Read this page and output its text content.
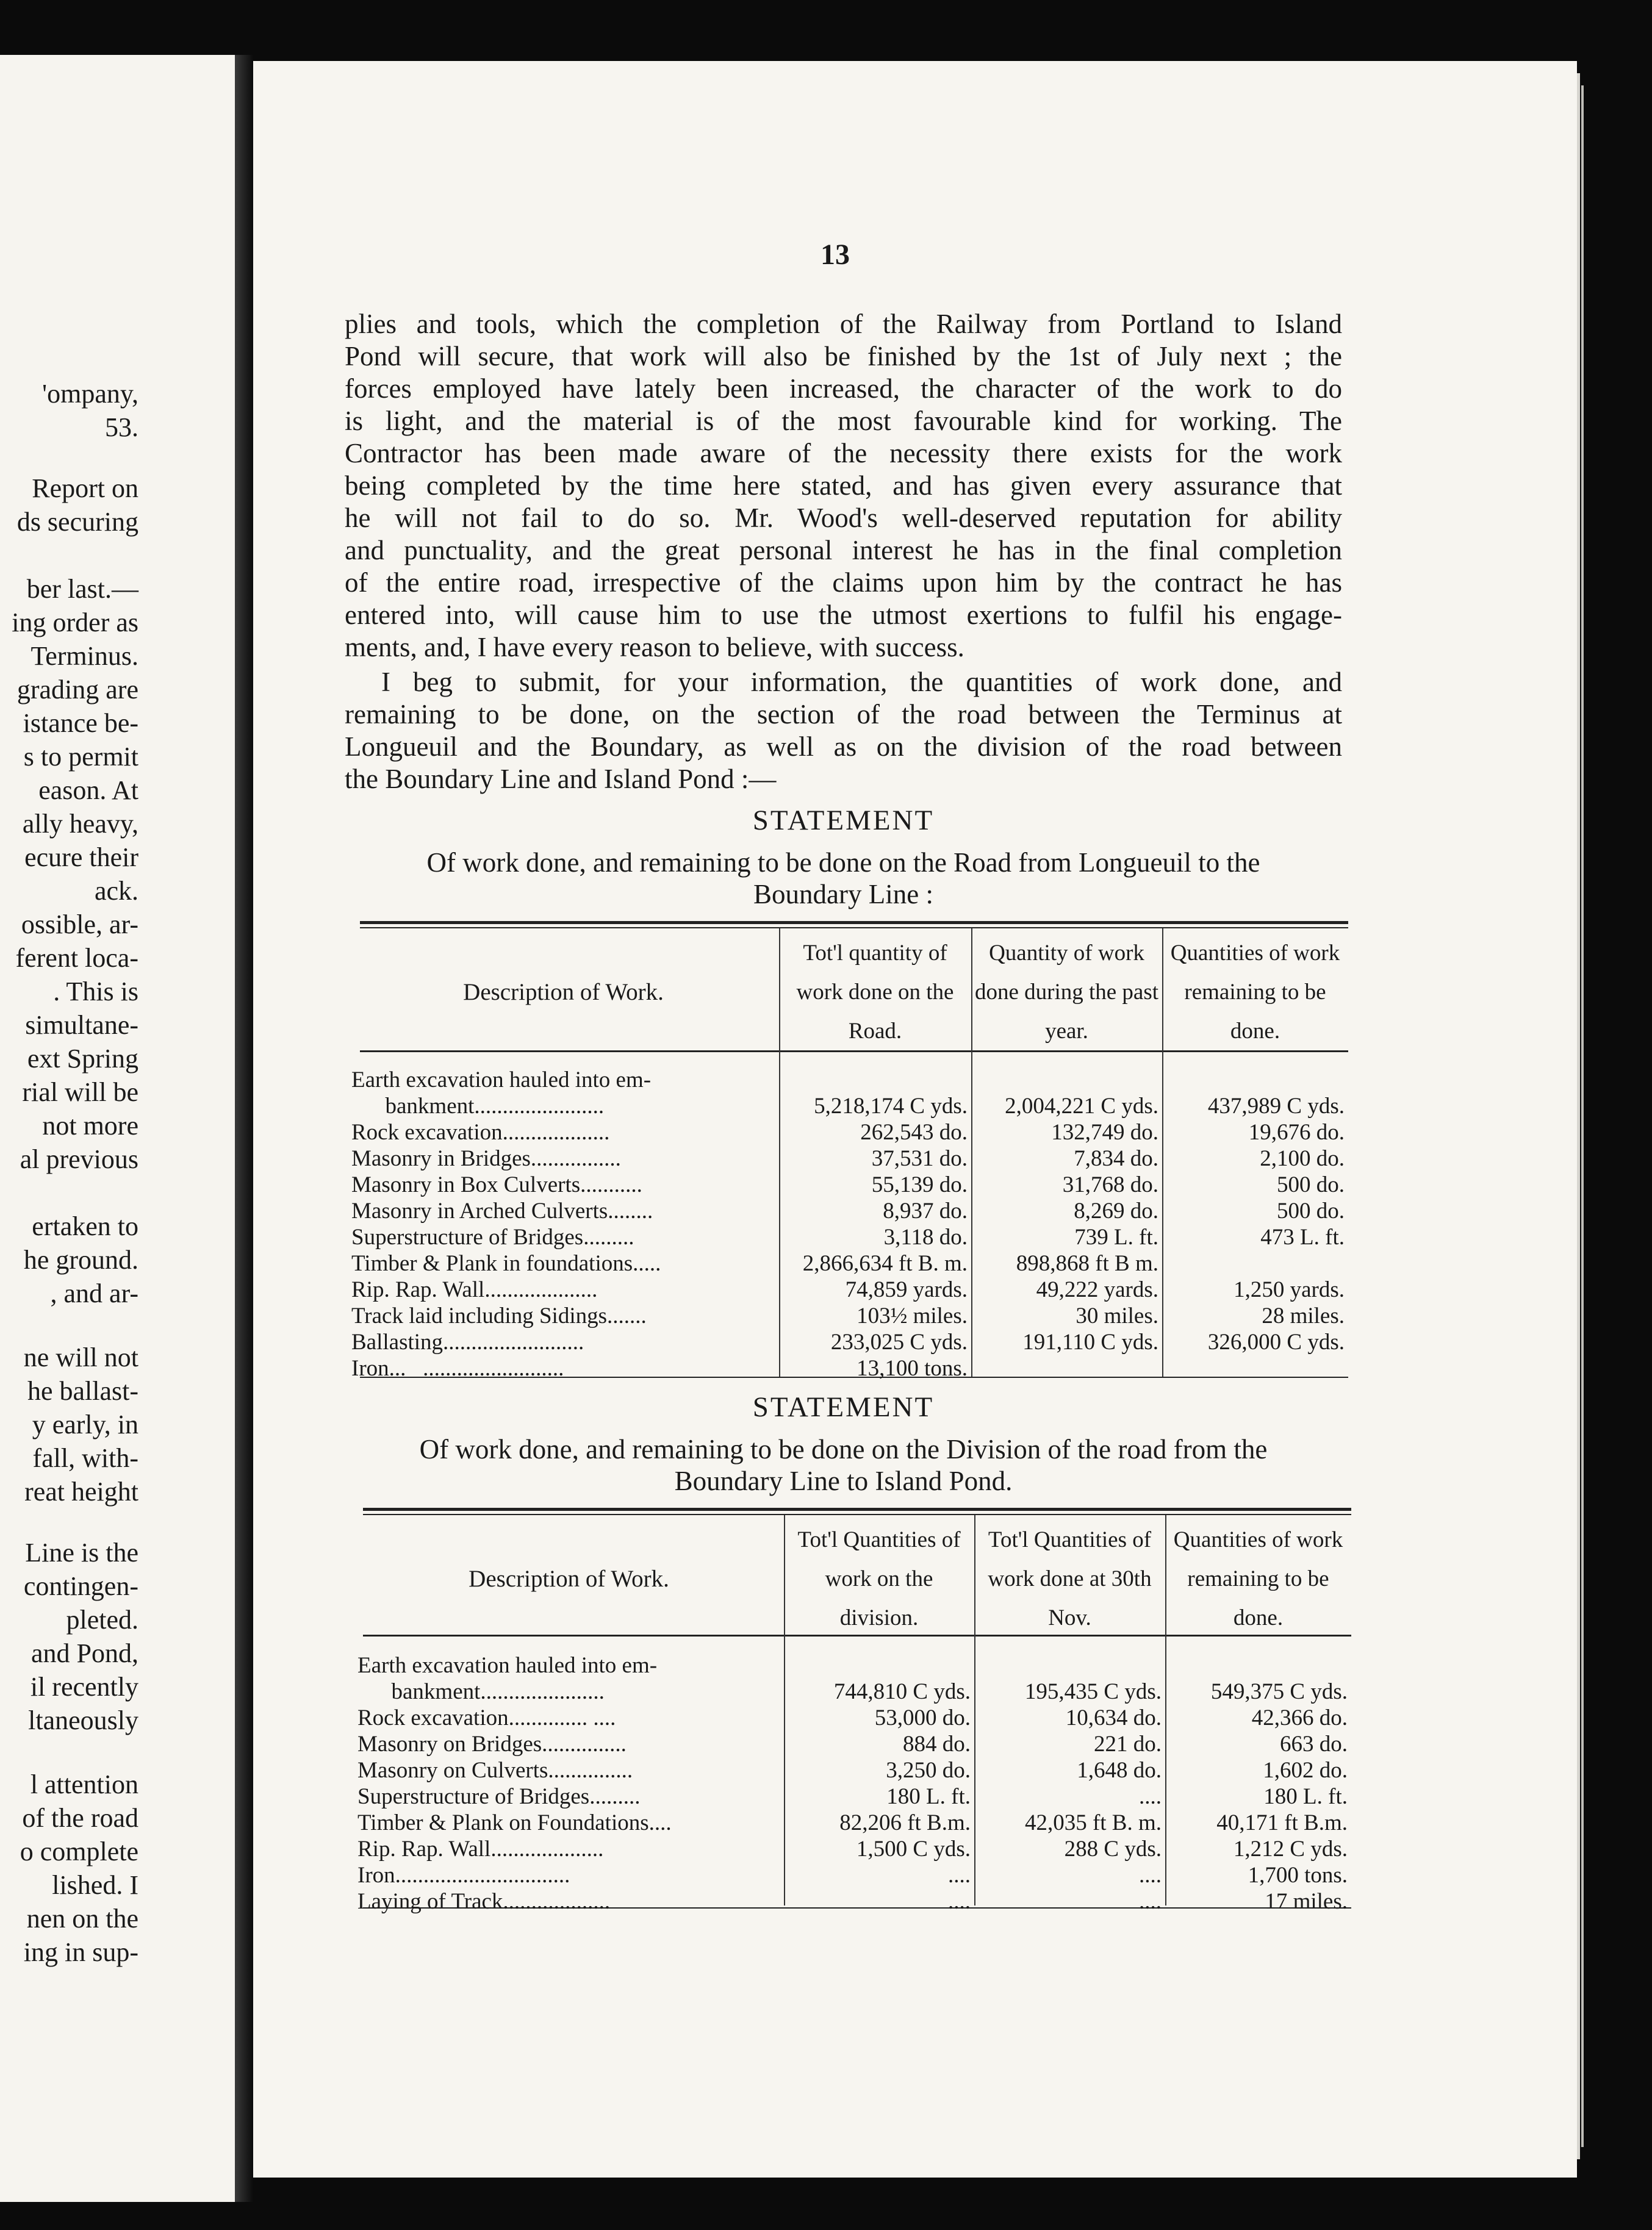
'ompany,
53.
Report on
ds securing
ber last.—
ing order as
Terminus.
grading are
istance be-
s to permit
eason. At
ally heavy,
ecure their
ack.
ossible, ar-
ferent loca-
. This is
simultane-
ext Spring
rial will be
not more
al previous
ertaken to
he ground.
, and ar-
ne will not
he ballast-
y early, in
fall, with-
reat height
Line is the
contingen-
pleted.
and Pond,
il recently
ltaneously
l attention
of the road
o complete
lished. I
nen on the
ing in sup-
13
plies and tools, which the completion of the Railway from Portland to Island
Pond will secure, that work will also be finished by the 1st of July next ; the
forces employed have lately been increased, the character of the work to do
is light, and the material is of the most favourable kind for working. The
Contractor has been made aware of the necessity there exists for the work
being completed by the time here stated, and has given every assurance that
he will not fail to do so. Mr. Wood's well-deserved reputation for ability
and punctuality, and the great personal interest he has in the final completion
of the entire road, irrespective of the claims upon him by the contract he has
entered into, will cause him to use the utmost exertions to fulfil his engage-
ments, and, I have every reason to believe, with success.
I beg to submit, for your information, the quantities of work done, and
remaining to be done, on the section of the road between the Terminus at
Longueuil and the Boundary, as well as on the division of the road between
the Boundary Line and Island Pond :—
STATEMENT
Of work done, and remaining to be done on the Road from Longueuil to the
Boundary Line :
Description of Work.	Tot'l quantity of work done on the Road.	Quantity of work done during the past year.	Quantities of work remaining to be done.

Earth excavation hauled into em-			
bankment.......................	5,218,174 C yds.	2,004,221 C yds.	437,989 C yds.
Rock excavation...................	262,543 do.	132,749 do.	19,676 do.
Masonry in Bridges................	37,531 do.	7,834 do.	2,100 do.
Masonry in Box Culverts...........	55,139 do.	31,768 do.	500 do.
Masonry in Arched Culverts........	8,937 do.	8,269 do.	500 do.
Superstructure of Bridges.........	3,118 do.	739 L. ft.	473 L. ft.
Timber & Plank in foundations.....	2,866,634 ft B. m.	898,868 ft B m.	
Rip. Rap. Wall....................	74,859 yards.	49,222 yards.	1,250 yards.
Track laid including Sidings.......	103½ miles.	30 miles.	28 miles.
Ballasting.........................	233,025 C yds.	191,110 C yds.	326,000 C yds.
Iron...   .........................	13,100 tons.		
STATEMENT
Of work done, and remaining to be done on the Division of the road from the
Boundary Line to Island Pond.
Description of Work.	Tot'l Quantities of work on the division.	Tot'l Quantities of work done at 30th Nov.	Quantities of work remaining to be done.

Earth excavation hauled into em-			
bankment......................	744,810 C yds.	195,435 C yds.	549,375 C yds.
Rock excavation.............. ....	53,000 do.	10,634 do.	42,366 do.
Masonry on Bridges...............	884 do.	221 do.	663 do.
Masonry on Culverts...............	3,250 do.	1,648 do.	1,602 do.
Superstructure of Bridges.........	180 L. ft.	....	180 L. ft.
Timber & Plank on Foundations....	82,206 ft B.m.	42,035 ft B. m.	40,171 ft B.m.
Rip. Rap. Wall....................	1,500 C yds.	288 C yds.	1,212 C yds.
Iron...............................	....	....	1,700 tons.
Laying of Track...................	....	....	17 miles.
